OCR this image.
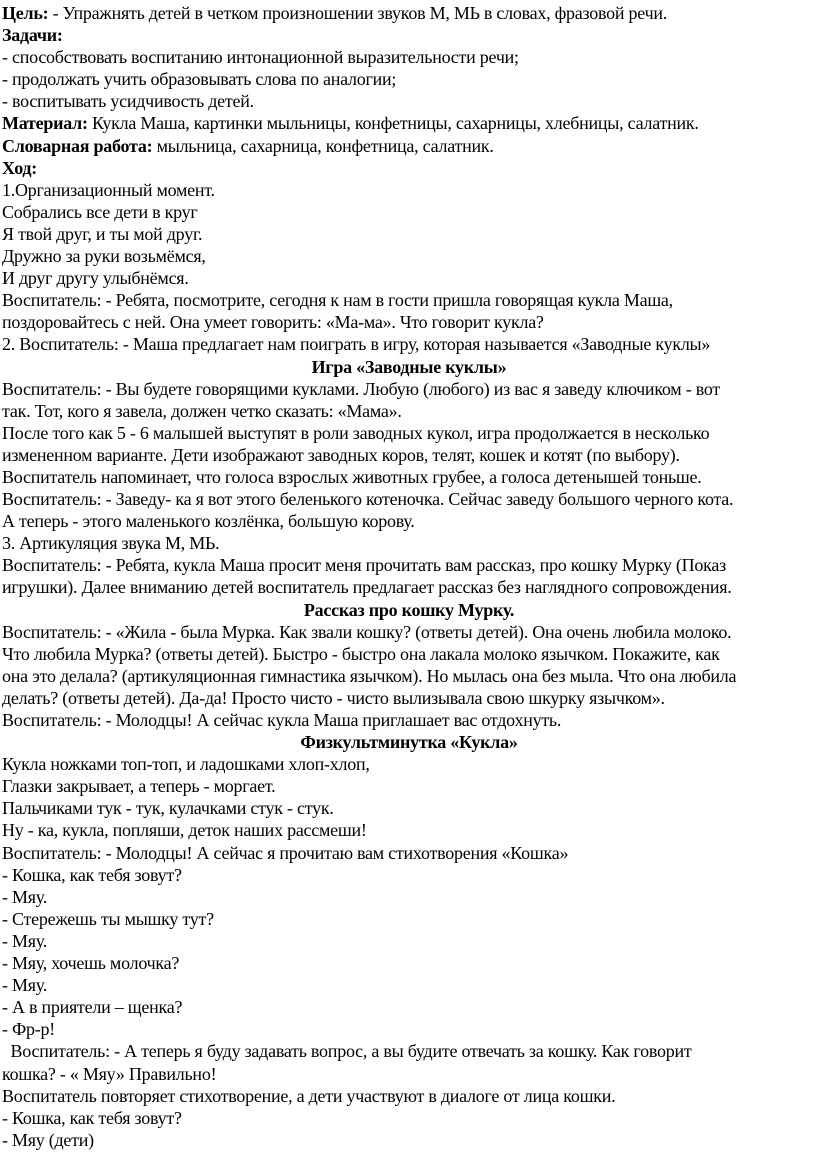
Цель: - Упражнять детей в четком произношении звуков М, МЬ в словах, фразовой речи.
Задачи:
- способствовать воспитанию интонационной выразительности речи;
- продолжать учить образовывать слова по аналогии;
- воспитывать усидчивость детей.
Материал: Кукла Маша, картинки мыльницы, конфетницы, сахарницы, хлебницы, салатник.
Словарная работа: мыльница, сахарница, конфетница, салатник.
Ход:
1.Организационный момент.
Собрались все дети в круг
Я твой друг, и ты мой друг.
Дружно за руки возьмёмся,
И друг другу улыбнёмся.
Воспитатель: - Ребята, посмотрите, сегодня к нам в гости пришла говорящая кукла Маша,
поздоровайтесь с ней. Она умеет говорить: «Ма-ма». Что говорит кукла?
2. Воспитатель: - Маша предлагает нам поиграть в игру, которая называется «Заводные куклы»
Игра «Заводные куклы»
Воспитатель: - Вы будете говорящими куклами. Любую (любого) из вас я заведу ключиком - вот
так. Тот, кого я завела, должен четко сказать: «Мама».
После того как 5 - 6 малышей выступят в роли заводных кукол, игра продолжается в несколько
измененном варианте. Дети изображают заводных коров, телят, кошек и котят (по выбору).
Воспитатель напоминает, что голоса взрослых животных грубее, а голоса детенышей тоньше.
Воспитатель: - Заведу- ка я вот этого беленького котеночка. Сейчас заведу большого черного кота.
А теперь - этого маленького козлёнка, большую корову.
3. Артикуляция звука М, МЬ.
Воспитатель: - Ребята, кукла Маша просит меня прочитать вам рассказ, про кошку Мурку (Показ
игрушки). Далее вниманию детей воспитатель предлагает рассказ без наглядного сопровождения.
Рассказ про кошку Мурку.
Воспитатель: - «Жила - была Мурка. Как звали кошку? (ответы детей). Она очень любила молоко.
Что любила Мурка? (ответы детей). Быстро - быстро она лакала молоко язычком. Покажите, как
она это делала? (артикуляционная гимнастика язычком). Но мылась она без мыла. Что она любила
делать? (ответы детей). Да-да! Просто чисто - чисто вылизывала свою шкурку язычком».
Воспитатель: - Молодцы! А сейчас кукла Маша приглашает вас отдохнуть.
Физкультминутка «Кукла»
Кукла ножками топ-топ, и ладошками хлоп-хлоп,
Глазки закрывает, а теперь - моргает.
Пальчиками тук - тук, кулачками стук - стук.
Ну - ка, кукла, попляши, деток наших рассмеши!
Воспитатель: - Молодцы! А сейчас я прочитаю вам стихотворения «Кошка»
- Кошка, как тебя зовут?
- Мяу.
- Стережешь ты мышку тут?
- Мяу.
- Мяу, хочешь молочка?
- Мяу.
- А в приятели – щенка?
- Фр-р!
Воспитатель: - А теперь я буду задавать вопрос, а вы будите отвечать за кошку. Как говорит
кошка? - « Мяу» Правильно!
Воспитатель повторяет стихотворение, а дети участвуют в диалоге от лица кошки.
- Кошка, как тебя зовут?
- Мяу (дети)
